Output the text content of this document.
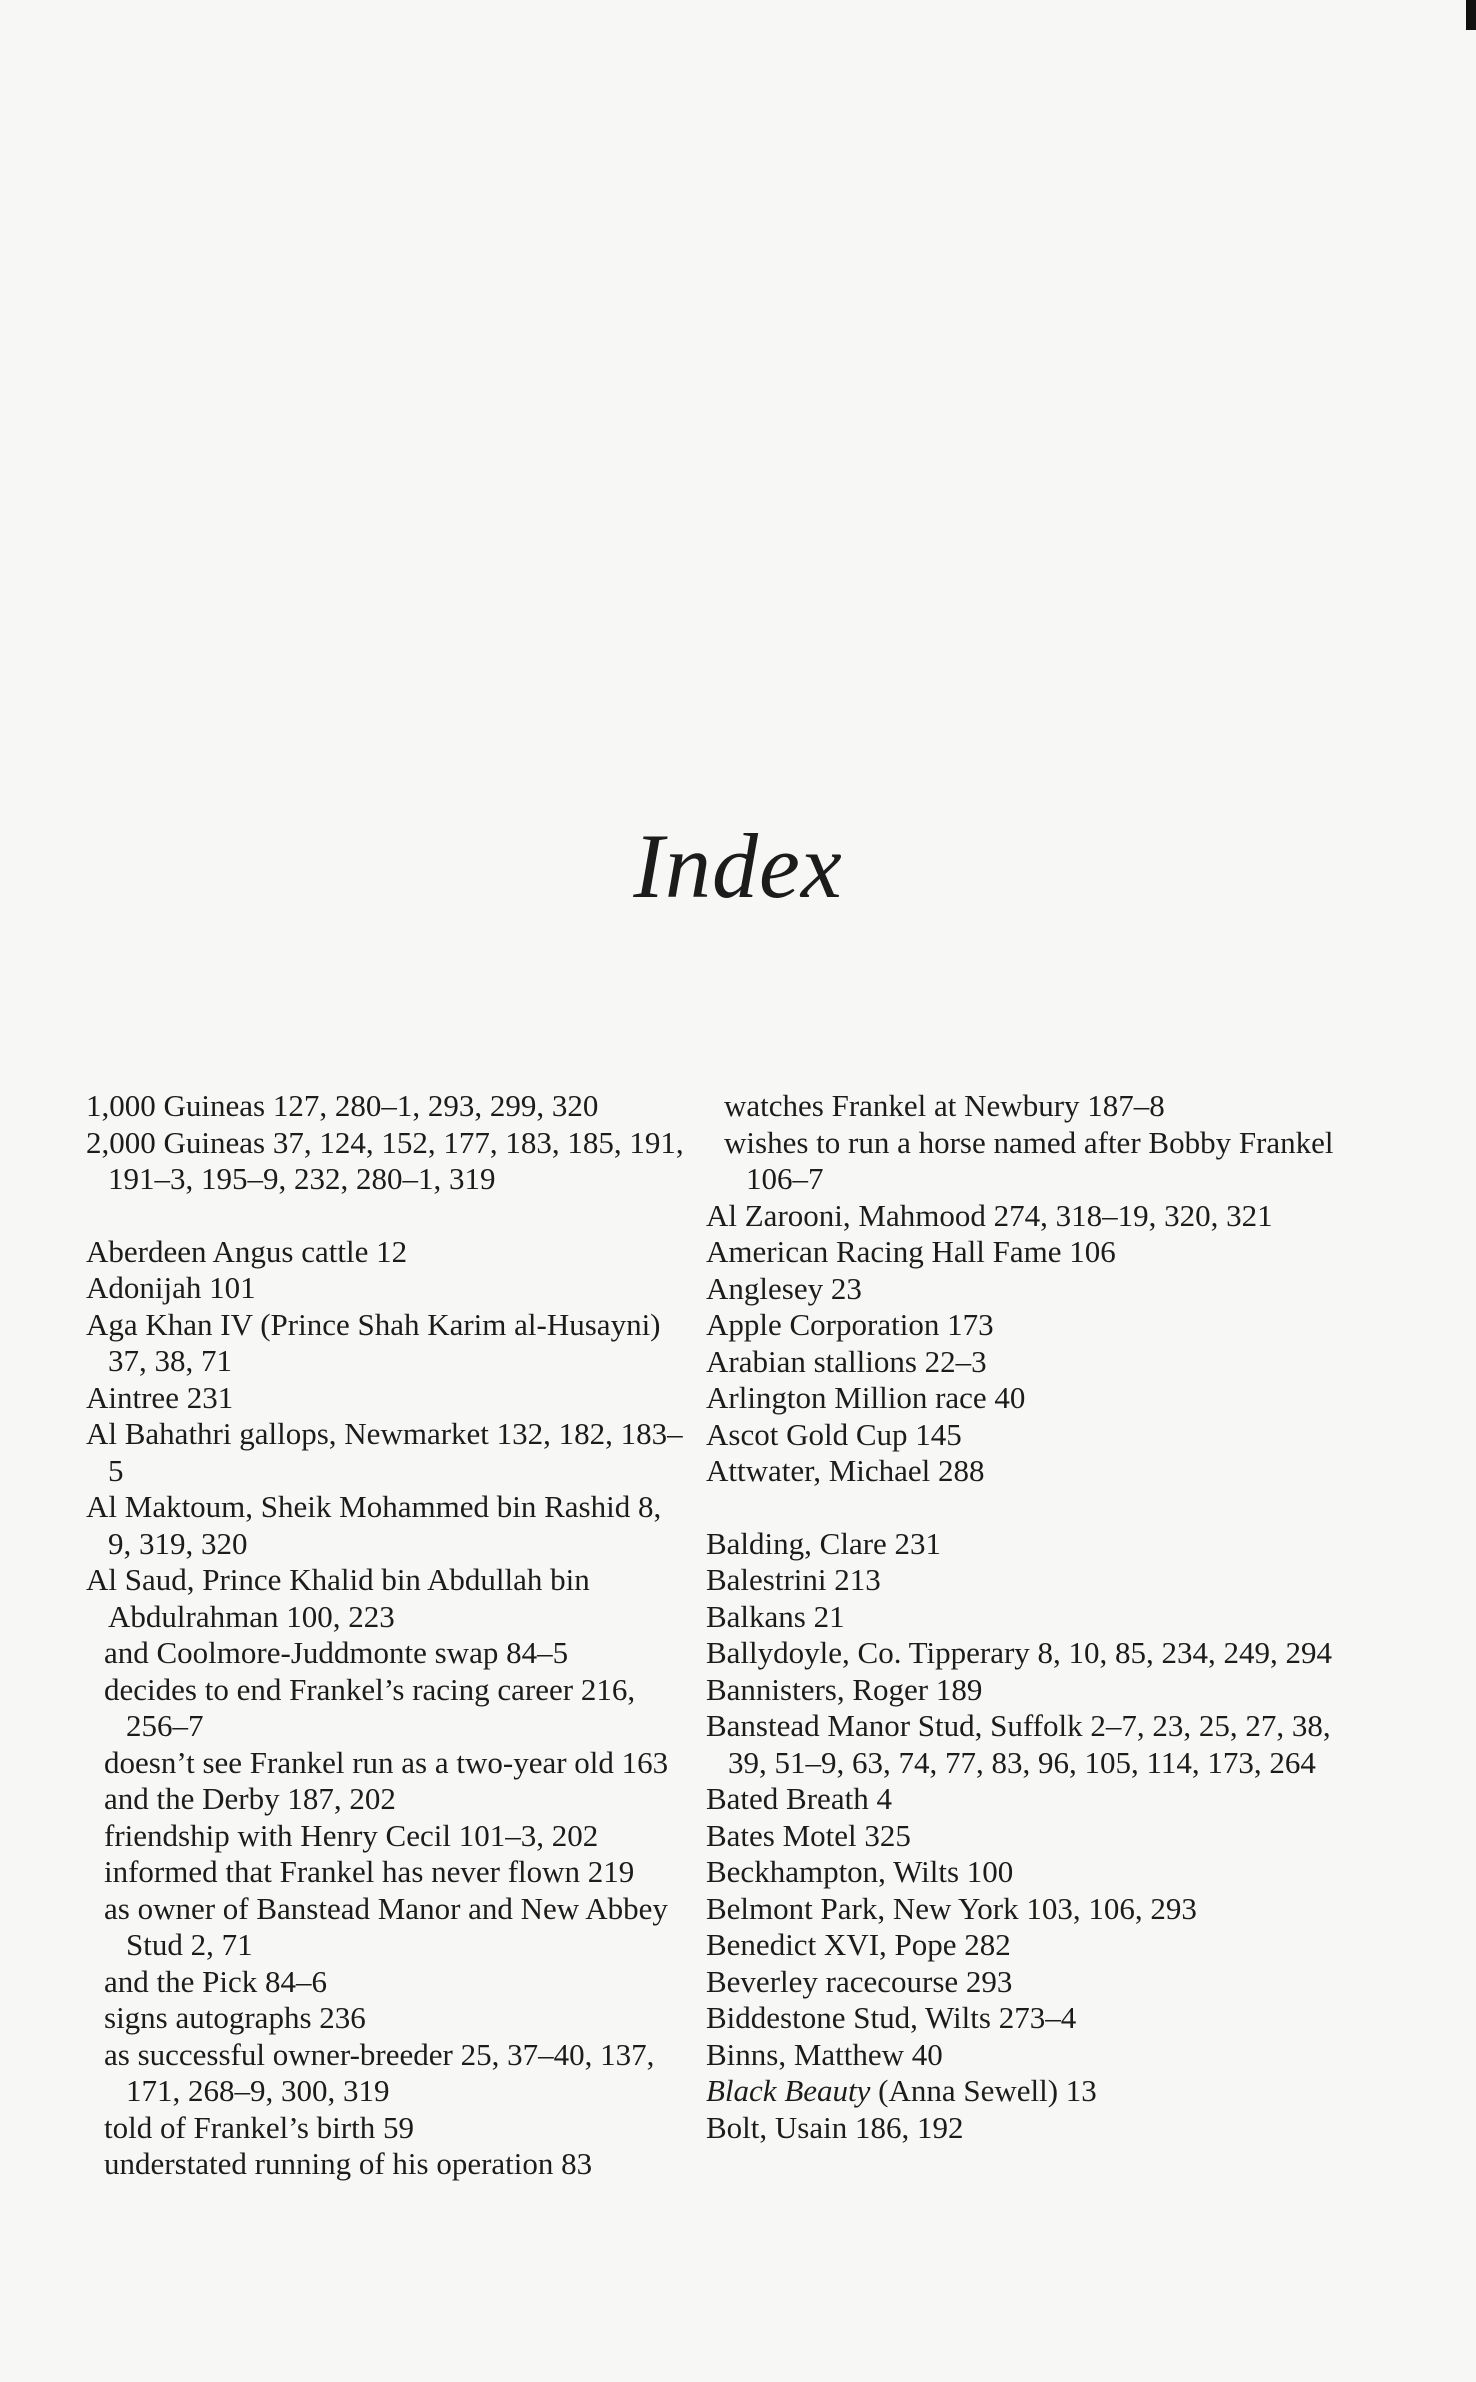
Index
1,000 Guineas 127, 280–1, 293, 299, 320
2,000 Guineas 37, 124, 152, 177, 183, 185, 191, 191–3, 195–9, 232, 280–1, 319
Aberdeen Angus cattle 12
Adonijah 101
Aga Khan IV (Prince Shah Karim al-Husayni) 37, 38, 71
Aintree 231
Al Bahathri gallops, Newmarket 132, 182, 183–5
Al Maktoum, Sheik Mohammed bin Rashid 8, 9, 319, 320
Al Saud, Prince Khalid bin Abdullah bin Abdulrahman 100, 223
and Coolmore-Juddmonte swap 84–5
decides to end Frankel’s racing career 216, 256–7
doesn’t see Frankel run as a two-year old 163
and the Derby 187, 202
friendship with Henry Cecil 101–3, 202
informed that Frankel has never flown 219
as owner of Banstead Manor and New Abbey Stud 2, 71
and the Pick 84–6
signs autographs 236
as successful owner-breeder 25, 37–40, 137, 171, 268–9, 300, 319
told of Frankel’s birth 59
understated running of his operation 83
watches Frankel at Newbury 187–8
wishes to run a horse named after Bobby Frankel 106–7
Al Zarooni, Mahmood 274, 318–19, 320, 321
American Racing Hall Fame 106
Anglesey 23
Apple Corporation 173
Arabian stallions 22–3
Arlington Million race 40
Ascot Gold Cup 145
Attwater, Michael 288
Balding, Clare 231
Balestrini 213
Balkans 21
Ballydoyle, Co. Tipperary 8, 10, 85, 234, 249, 294
Bannisters, Roger 189
Banstead Manor Stud, Suffolk 2–7, 23, 25, 27, 38, 39, 51–9, 63, 74, 77, 83, 96, 105, 114, 173, 264
Bated Breath 4
Bates Motel 325
Beckhampton, Wilts 100
Belmont Park, New York 103, 106, 293
Benedict XVI, Pope 282
Beverley racecourse 293
Biddestone Stud, Wilts 273–4
Binns, Matthew 40
Black Beauty (Anna Sewell) 13
Bolt, Usain 186, 192
